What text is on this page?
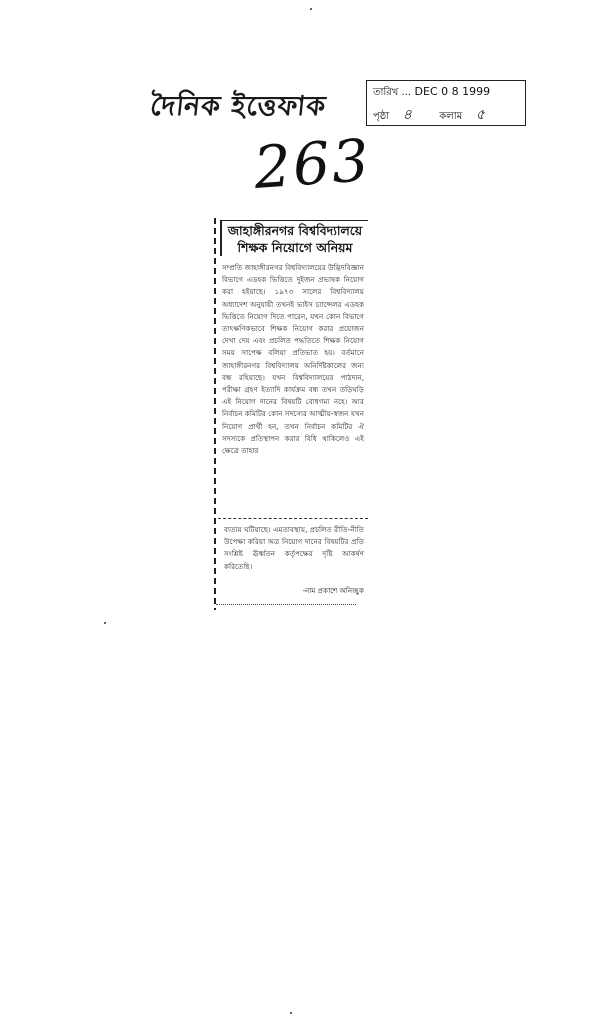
দৈনিক ইত্তেফাক	তারিখ ... DEC 0 8 1999
পৃষ্ঠা ৪	কলাম ৫
263
জাহাঙ্গীরনগর বিশ্ববিদ্যালয়ে
শিক্ষক নিয়োগে অনিয়ম
সম্প্রতি জাহাঙ্গীরনগর বিশ্ববিদ্যালয়ের উদ্ভিদবিজ্ঞান বিভাগে এডহক ভিত্তিতে দুইজন প্রভাষক নিয়োগ করা হইয়াছে। ১৯৭৩ সালের বিশ্ববিদ্যালয় অধ্যাদেশ অনুযায়ী তখনই ভাইস চ্যান্সেলর এডহক ভিত্তিতে নিয়োগ দিতে পারেন, যখন কোন বিভাগে তাৎক্ষণিকভাবে শিক্ষক নিয়োগ করার প্রয়োজন দেখা দেয় এবং প্রচলিত পদ্ধতিতে শিক্ষক নিয়োগ সময় সাপেক্ষ বলিয়া প্রতিভাত হয়। বর্তমানে জাহাঙ্গীরনগর বিশ্ববিদ্যালয় অনির্দিষ্টকালের জন্য বন্ধ রহিয়াছে। যখন বিশ্ববিদ্যালয়ের পাঠদান, পরীক্ষা গ্রহণ ইত্যাদি কার্যক্রম বন্ধ তখন তড়িঘড়ি এই নিয়োগ দানের বিষয়টি বোধগম্য নহে। আর নির্বাচন কমিটির কোন সদস্যের আত্মীয়-স্বজন যখন নিয়োগ প্রার্থী হন, তখন নির্বাচন কমিটির ঐ সদস্যকে প্রতিস্থাপন করার বিধি থাকিলেও এই ক্ষেত্রে তাহার
ব্যত্যয় ঘটিয়াছে। এমতাবস্থায়, প্রচলিত রীতি-নীতি উপেক্ষা করিয়া অত্র নিয়োগ দানের বিষয়টির প্রতি সংশ্লিষ্ট ঊর্ধ্বতন কর্তৃপক্ষের দৃষ্টি আকর্ষণ করিতেছি।
-নাম প্রকাশে অনিচ্ছুক
